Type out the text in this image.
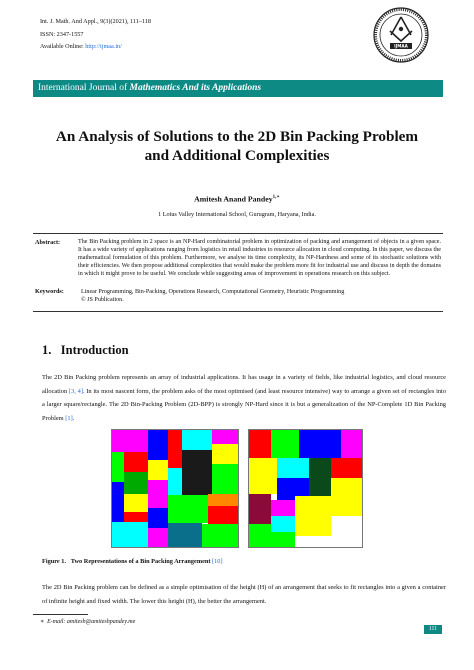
Int. J. Math. And Appl., 9(3)(2021), 111–118
ISSN: 2347-1557
Available Online: http://ijmaa.in/	IJMAA
International Journal of Mathematics And its Applications
An Analysis of Solutions to the 2D Bin Packing Problem
and Additional Complexities
Amitesh Anand Pandey$^{1,∗}$
1 Lotus Valley International School, Gurugram, Haryana, India.
Abstract:	The Bin Packing problem in 2 space is an NP-Hard combinatorial problem in optimization of packing and arrangement of objects in a given space. It has a wide variety of applications ranging from logistics in retail industries to resource allocation in cloud computing. In this paper, we discuss the mathematical formulation of this problem. Furthermore, we analyse its time complexity, its NP-Hardness and some of its stochastic solutions with their efficiencies. We then propose additional complexities that would make the problem more fit for industrial use and discuss in depth the domains in which it might prove to be useful. We conclude while suggesting areas of improvement in operations research on this subject.
Keywords:	Linear Programming, Bin-Packing, Operations Research, Computational Geometry, Heuristic Programming
© JS Publication.
1. Introduction
The 2D Bin Packing problem represents an array of industrial applications. It has usage in a variety of fields, like industrial logistics, and cloud resource allocation [3, 4]. In its most nascent form, the problem asks of the most optimised (and least resource intensive) way to arrange a given set of rectangles into a larger square/rectangle. The 2D Bin-Packing Problem (2D-BPP) is strongly NP-Hard since it is but a generalization of the NP-Complete 1D Bin Packing Problem [1].
Figure 1. Two Representations of a Bin Packing Arrangement [10]
The 2D Bin Packing problem can be defined as a simple optimisation of the height (H) of an arrangement that seeks to fit rectangles into a given a container of infinite height and fixed width. The lower this height (H), the better the arrangement.
∗ E-mail: amitesh@amiteshpandey.me
111
